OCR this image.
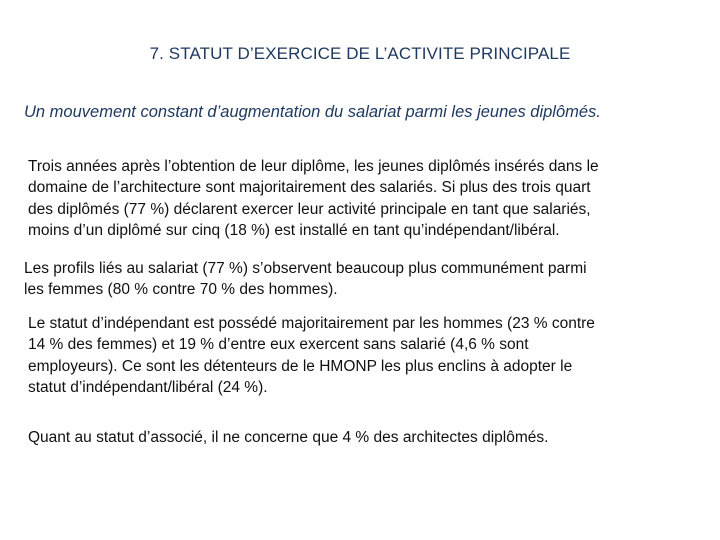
7. STATUT D’EXERCICE DE L’ACTIVITE PRINCIPALE
Un mouvement constant d’augmentation du salariat parmi les jeunes diplômés.

Trois années après l’obtention de leur diplôme, les jeunes diplômés insérés dans le
domaine de l’architecture sont majoritairement des salariés. Si plus des trois quart
des diplômés (77 %) déclarent exercer leur activité principale en tant que salariés,
moins d’un diplômé sur cinq (18 %) est installé en tant qu’indépendant/libéral.

Les profils liés au salariat (77 %) s’observent beaucoup plus communément parmi
les femmes (80 % contre 70 % des hommes).

Le statut d’indépendant est possédé majoritairement par les hommes (23 % contre
14 % des femmes) et 19 % d’entre eux exercent sans salarié (4,6 % sont
employeurs). Ce sont les détenteurs de le HMONP les plus enclins à adopter le
statut d’indépendant/libéral (24 %).

Quant au statut d’associé, il ne concerne que 4 % des architectes diplômés.
